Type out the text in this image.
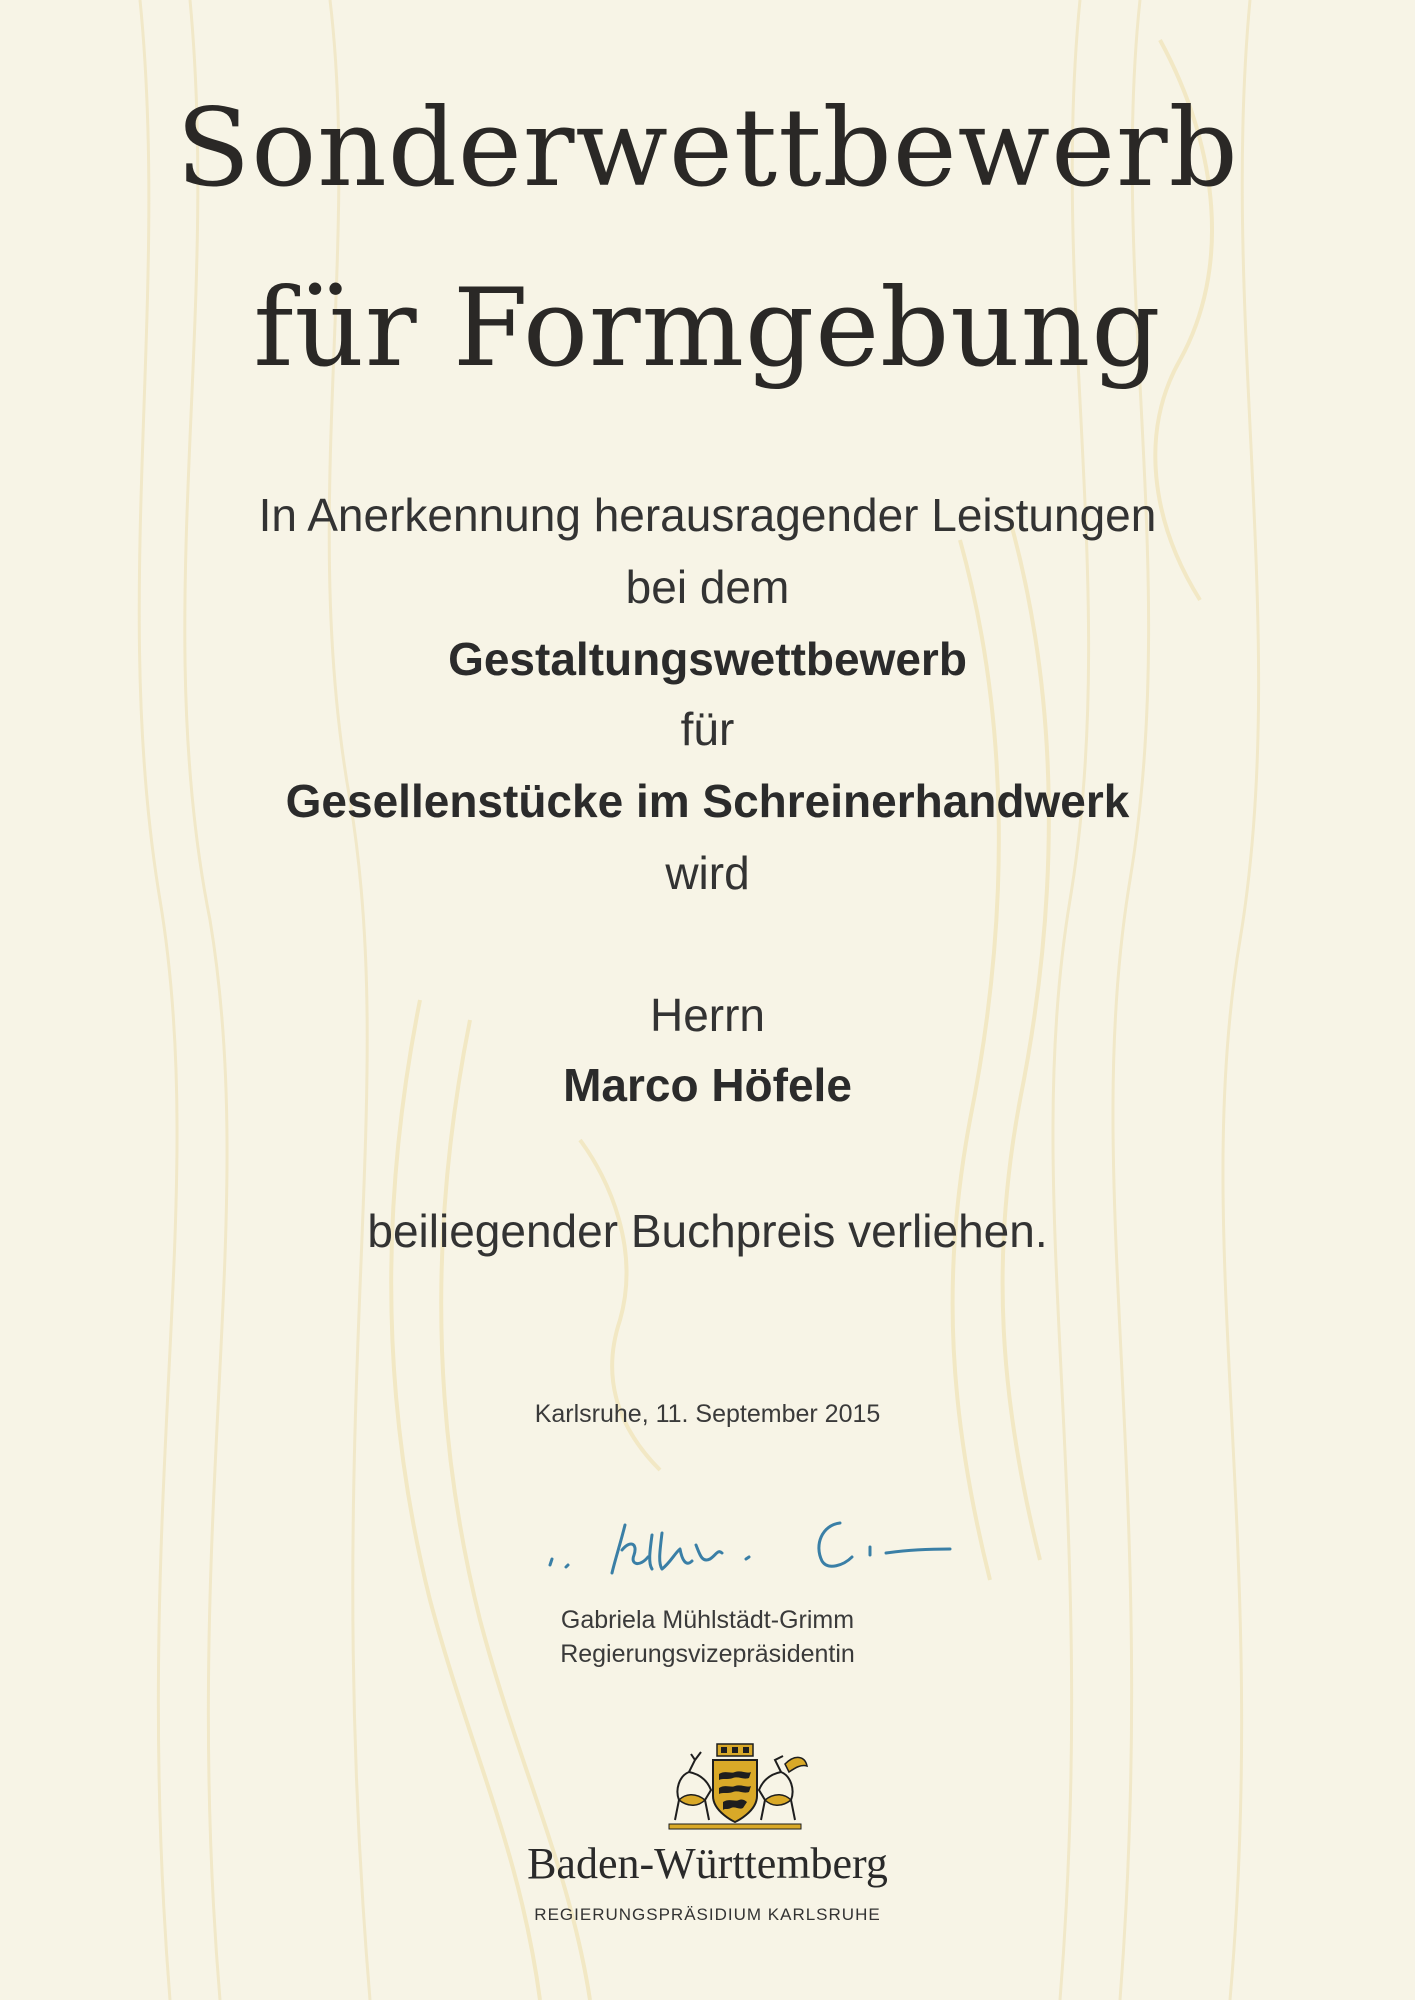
Sonderwettbewerb
für Formgebung
In Anerkennung herausragender Leistungen
bei dem
Gestaltungswettbewerb
für
Gesellenstücke im Schreinerhandwerk
wird
Herrn
Marco Höfele
beiliegender Buchpreis verliehen.
Karlsruhe, 11. September 2015
Gabriela Mühlstädt-Grimm
Regierungsvizepräsidentin
Baden-Württemberg
REGIERUNGSPRÄSIDIUM KARLSRUHE
